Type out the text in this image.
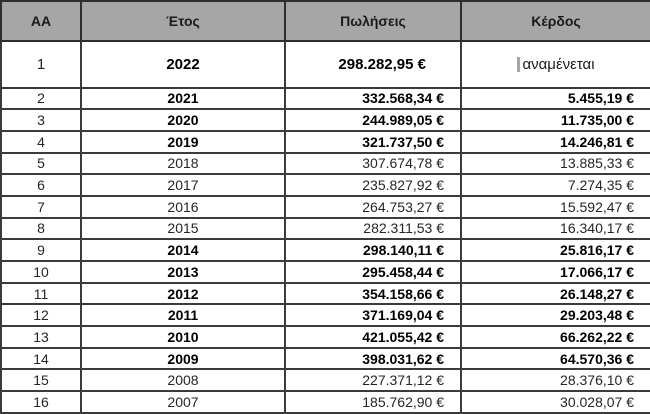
ΑΑ	Έτος	Πωλήσεις	Κέρδος
1	2022	298.282,95 €	αναμένεται
2	2021	332.568,34 €	5.455,19 €
3	2020	244.989,05 €	11.735,00 €
4	2019	321.737,50 €	14.246,81 €
5	2018	307.674,78 €	13.885,33 €
6	2017	235.827,92 €	7.274,35 €
7	2016	264.753,27 €	15.592,47 €
8	2015	282.311,53 €	16.340,17 €
9	2014	298.140,11 €	25.816,17 €
10	2013	295.458,44 €	17.066,17 €
11	2012	354.158,66 €	26.148,27 €
12	2011	371.169,04 €	29.203,48 €
13	2010	421.055,42 €	66.262,22 €
14	2009	398.031,62 €	64.570,36 €
15	2008	227.371,12 €	28.376,10 €
16	2007	185.762,90 €	30.028,07 €
